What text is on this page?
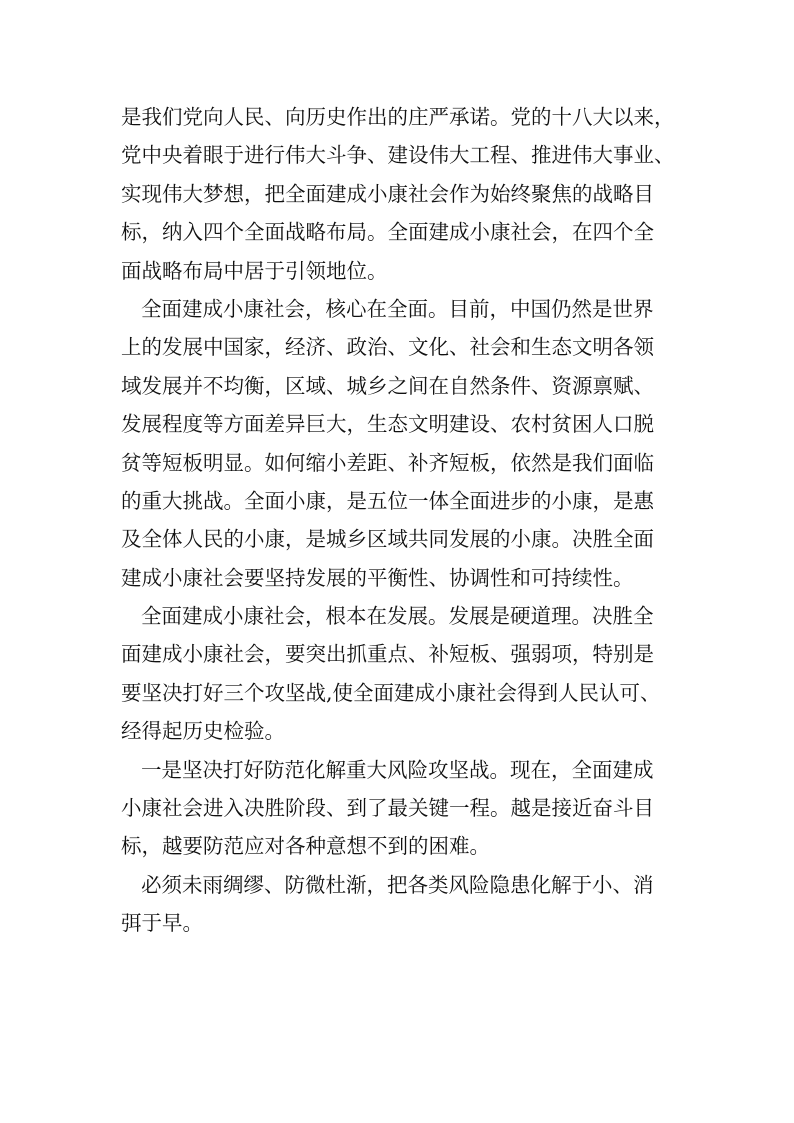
是我们党向人民、向历史作出的庄严承诺。党的十八大以来，
党中央着眼于进行伟大斗争、建设伟大工程、推进伟大事业、
实现伟大梦想，把全面建成小康社会作为始终聚焦的战略目
标，纳入四个全面战略布局。全面建成小康社会，在四个全
面战略布局中居于引领地位。
全面建成小康社会，核心在全面。目前，中国仍然是世界
上的发展中国家，经济、政治、文化、社会和生态文明各领
域发展并不均衡，区域、城乡之间在自然条件、资源禀赋、
发展程度等方面差异巨大，生态文明建设、农村贫困人口脱
贫等短板明显。如何缩小差距、补齐短板，依然是我们面临
的重大挑战。全面小康，是五位一体全面进步的小康，是惠
及全体人民的小康，是城乡区域共同发展的小康。决胜全面
建成小康社会要坚持发展的平衡性、协调性和可持续性。
全面建成小康社会，根本在发展。发展是硬道理。决胜全
面建成小康社会，要突出抓重点、补短板、强弱项，特别是
要坚决打好三个攻坚战,使全面建成小康社会得到人民认可、
经得起历史检验。
一是坚决打好防范化解重大风险攻坚战。现在，全面建成
小康社会进入决胜阶段、到了最关键一程。越是接近奋斗目
标，越要防范应对各种意想不到的困难。
必须未雨绸缪、防微杜渐，把各类风险隐患化解于小、消
弭于早。
